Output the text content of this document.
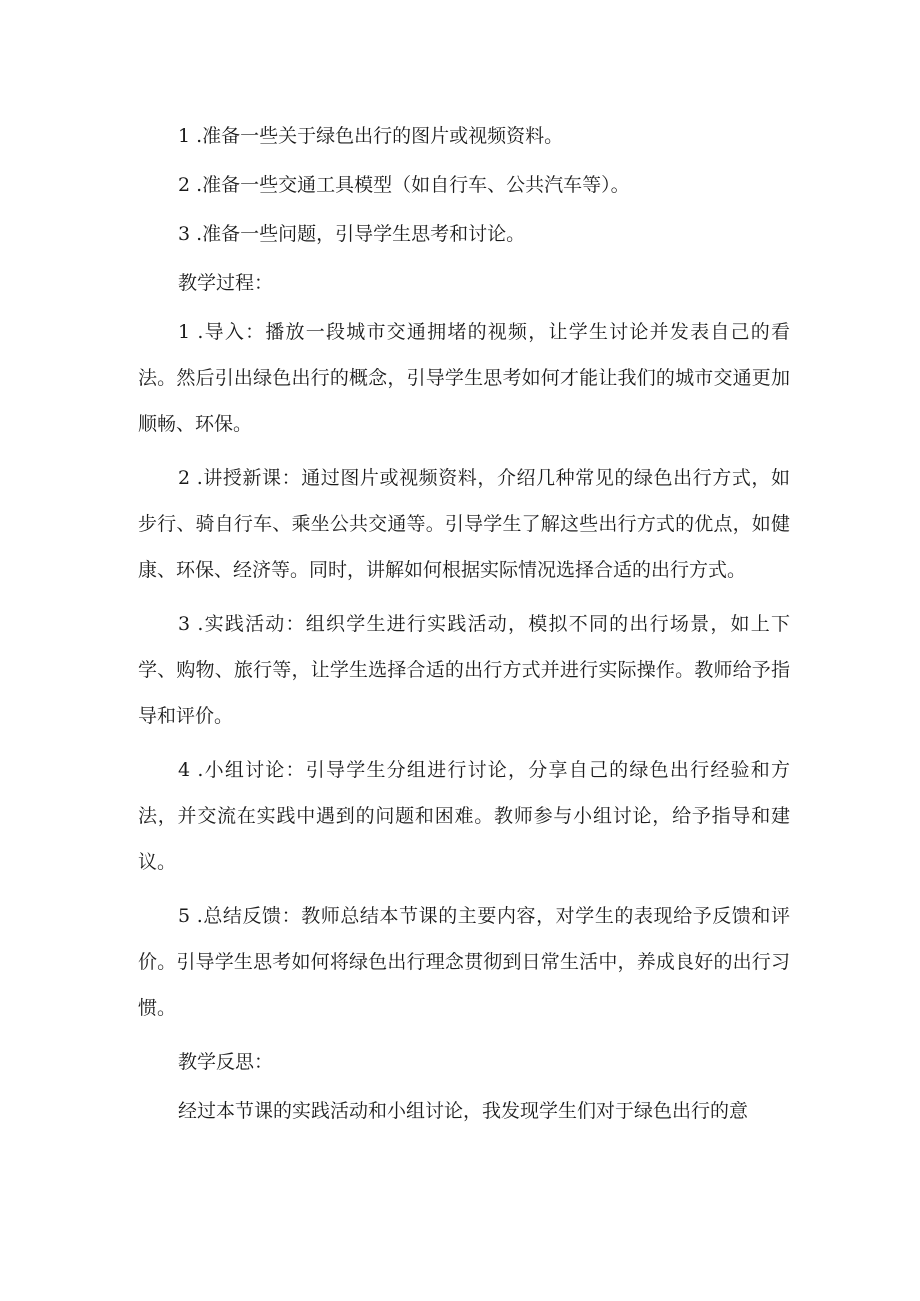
1 .准备一些关于绿色出行的图片或视频资料。

2 .准备一些交通工具模型（如自行车、公共汽车等）。

3 .准备一些问题，引导学生思考和讨论。

教学过程：

1 .导入：播放一段城市交通拥堵的视频，让学生讨论并发表自己的看法。然后引出绿色出行的概念，引导学生思考如何才能让我们的城市交通更加顺畅、环保。

2 .讲授新课：通过图片或视频资料，介绍几种常见的绿色出行方式，如步行、骑自行车、乘坐公共交通等。引导学生了解这些出行方式的优点，如健康、环保、经济等。同时，讲解如何根据实际情况选择合适的出行方式。

3 .实践活动：组织学生进行实践活动，模拟不同的出行场景，如上下学、购物、旅行等，让学生选择合适的出行方式并进行实际操作。教师给予指导和评价。

4 .小组讨论：引导学生分组进行讨论，分享自己的绿色出行经验和方法，并交流在实践中遇到的问题和困难。教师参与小组讨论，给予指导和建议。

5 .总结反馈：教师总结本节课的主要内容，对学生的表现给予反馈和评价。引导学生思考如何将绿色出行理念贯彻到日常生活中，养成良好的出行习惯。

教学反思：

经过本节课的实践活动和小组讨论，我发现学生们对于绿色出行的意
